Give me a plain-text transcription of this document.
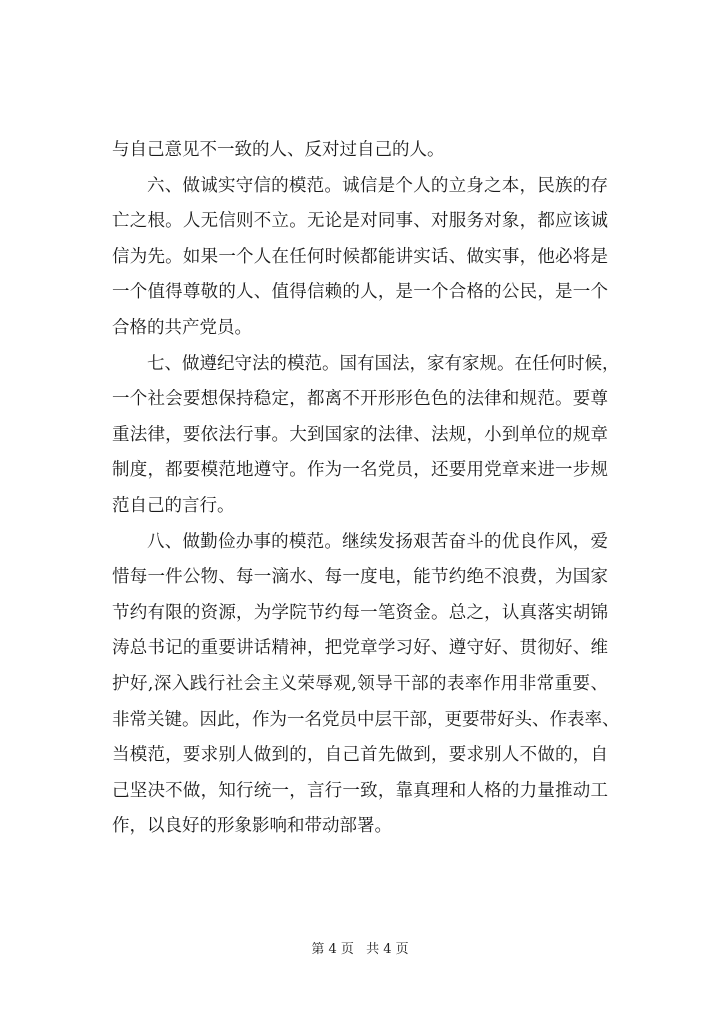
与自己意见不一致的人、反对过自己的人。
六、做诚实守信的模范。诚信是个人的立身之本，民族的存
亡之根。人无信则不立。无论是对同事、对服务对象，都应该诚
信为先。如果一个人在任何时候都能讲实话、做实事，他必将是
一个值得尊敬的人、值得信赖的人，是一个合格的公民，是一个
合格的共产党员。
七、做遵纪守法的模范。国有国法，家有家规。在任何时候，
一个社会要想保持稳定，都离不开形形色色的法律和规范。要尊
重法律，要依法行事。大到国家的法律、法规，小到单位的规章
制度，都要模范地遵守。作为一名党员，还要用党章来进一步规
范自己的言行。
八、做勤俭办事的模范。继续发扬艰苦奋斗的优良作风，爱
惜每一件公物、每一滴水、每一度电，能节约绝不浪费，为国家
节约有限的资源，为学院节约每一笔资金。总之，认真落实胡锦
涛总书记的重要讲话精神，把党章学习好、遵守好、贯彻好、维
护好,深入践行社会主义荣辱观,领导干部的表率作用非常重要、
非常关键。因此，作为一名党员中层干部，更要带好头、作表率、
当模范，要求别人做到的，自己首先做到，要求别人不做的，自
己坚决不做，知行统一，言行一致，靠真理和人格的力量推动工
作，以良好的形象影响和带动部署。
第 4 页 共 4 页
